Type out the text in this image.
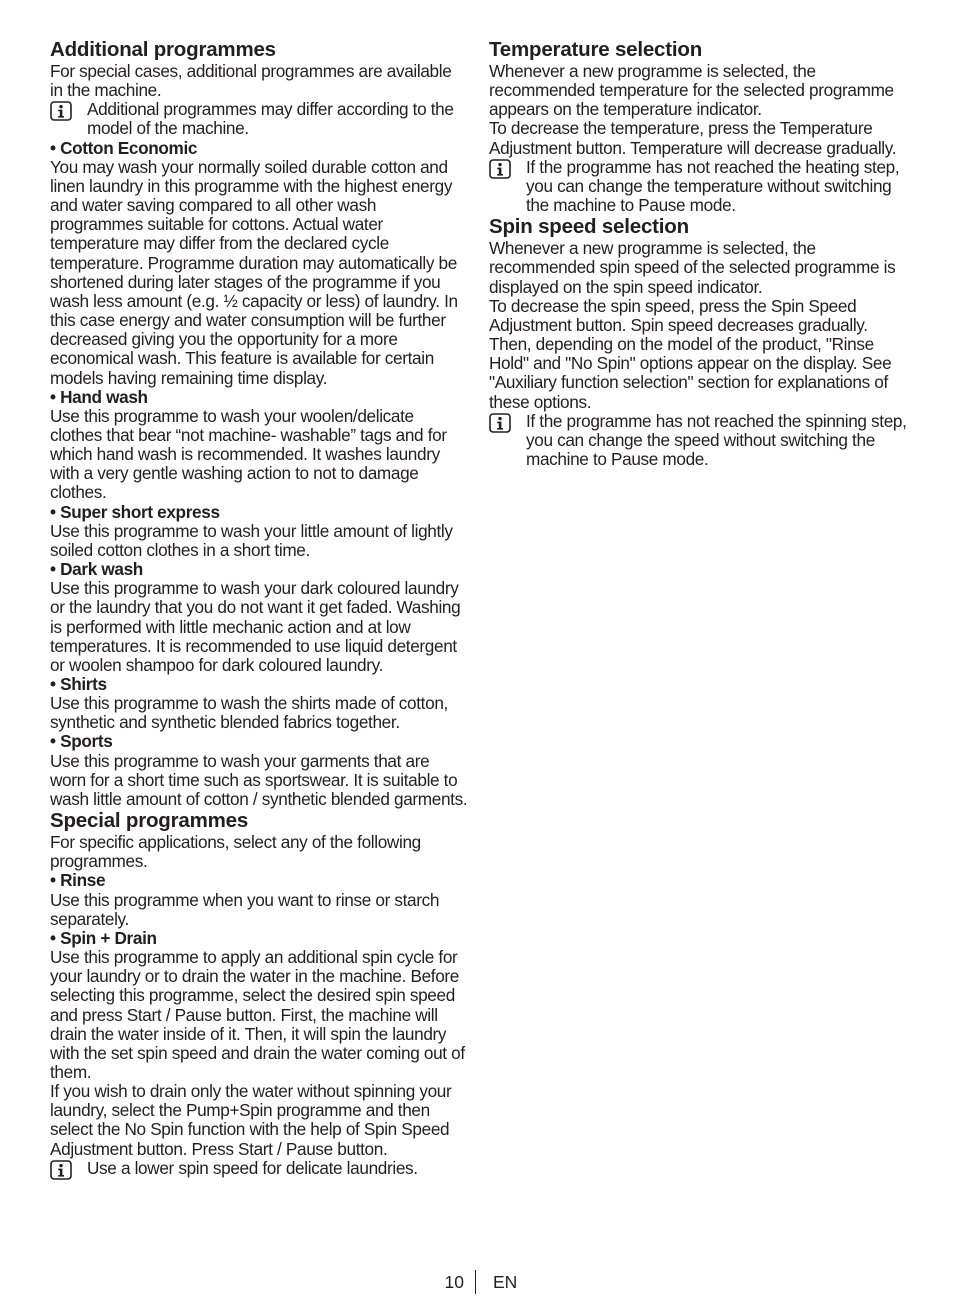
Additional programmes

For special cases, additional programmes are available in the machine.

Additional programmes may differ according to the model of the machine.
• Cotton Economic

You may wash your normally soiled durable cotton and linen laundry in this programme with the highest energy and water saving compared to all other wash programmes suitable for cottons. Actual water temperature may differ from the declared cycle temperature. Programme duration may automatically be shortened during later stages of the programme if you wash less amount (e.g. ½ capacity or less) of laundry. In this case energy and water consumption will be further decreased giving you the opportunity for a more economical wash. This feature is available for certain models having remaining time display.

• Hand wash

Use this programme to wash your woolen/delicate clothes that bear “not machine- washable” tags and for which hand wash is recommended. It washes laundry with a very gentle washing action to not to damage clothes.

• Super short express

Use this programme to wash your little amount of lightly soiled cotton clothes in a short time.

• Dark wash

Use this programme to wash your dark coloured laundry or the laundry that you do not want it get faded. Washing is performed with little mechanic action and at low temperatures. It is recommended to use liquid detergent or woolen shampoo for dark coloured laundry.

• Shirts

Use this programme to wash the shirts made of cotton, synthetic and synthetic blended fabrics together.

• Sports

Use this programme to wash your garments that are worn for a short time such as sportswear. It is suitable to wash little amount of cotton / synthetic blended garments.

Special programmes

For specific applications, select any of the following programmes.

• Rinse

Use this programme when you want to rinse or starch separately.

• Spin + Drain

Use this programme to apply an additional spin cycle for your laundry or to drain the water in the machine. Before selecting this programme, select the desired spin speed and press Start / Pause button. First, the machine will drain the water inside of it. Then, it will spin the laundry with the set spin speed and drain the water coming out of them.

If you wish to drain only the water without spinning your laundry, select the Pump+Spin programme and then select the No Spin function with the help of Spin Speed Adjustment button. Press Start / Pause button.

Use a lower spin speed for delicate laundries.
Temperature selection

Whenever a new programme is selected, the recommended temperature for the selected programme appears on the temperature indicator.

To decrease the temperature, press the Temperature Adjustment button. Temperature will decrease gradually.

If the programme has not reached the heating step, you can change the temperature without switching the machine to Pause mode.
Spin speed selection

Whenever a new programme is selected, the recommended spin speed of the selected programme is displayed on the spin speed indicator.

To decrease the spin speed, press the Spin Speed Adjustment button. Spin speed decreases gradually. Then, depending on the model of the product, "Rinse Hold" and "No Spin" options appear on the display. See "Auxiliary function selection" section for explanations of these options.

If the programme has not reached the spinning step, you can change the speed without switching the machine to Pause mode.
10 EN
